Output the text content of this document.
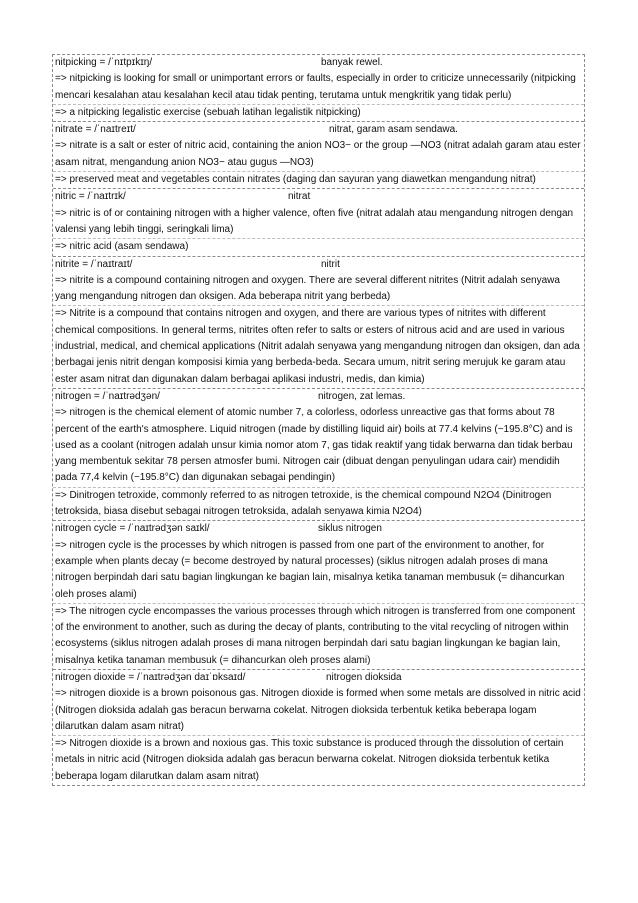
nitpicking = /ˈnɪtpɪkɪŋ/	banyak rewel.
=> nitpicking is looking for small or unimportant errors or faults, especially in order to criticize unnecessarily (nitpicking mencari kesalahan atau kesalahan kecil atau tidak penting, terutama untuk mengkritik yang tidak perlu)
=> a nitpicking legalistic exercise (sebuah latihan legalistik nitpicking)
nitrate = /ˈnaɪtreɪt/	nitrat, garam asam sendawa.
=> nitrate is a salt or ester of nitric acid, containing the anion NO3− or the group —NO3 (nitrat adalah garam atau ester asam nitrat, mengandung anion NO3− atau gugus —NO3)
=> preserved meat and vegetables contain nitrates (daging dan sayuran yang diawetkan mengandung nitrat)
nitric = /ˈnaɪtrɪk/	nitrat
=> nitric is of or containing nitrogen with a higher valence, often five (nitrat adalah atau mengandung nitrogen dengan valensi yang lebih tinggi, seringkali lima)
=> nitric acid (asam sendawa)
nitrite = /ˈnaɪtraɪt/	nitrit
=> nitrite is a compound containing nitrogen and oxygen. There are several different nitrites (Nitrit adalah senyawa yang mengandung nitrogen dan oksigen. Ada beberapa nitrit yang berbeda)
=> Nitrite is a compound that contains nitrogen and oxygen, and there are various types of nitrites with different chemical compositions. In general terms, nitrites often refer to salts or esters of nitrous acid and are used in various industrial, medical, and chemical applications (Nitrit adalah senyawa yang mengandung nitrogen dan oksigen, dan ada berbagai jenis nitrit dengan komposisi kimia yang berbeda-beda. Secara umum, nitrit sering merujuk ke garam atau ester asam nitrat dan digunakan dalam berbagai aplikasi industri, medis, dan kimia)
nitrogen = /ˈnaɪtrədʒən/	nitrogen, zat lemas.
=> nitrogen is the chemical element of atomic number 7, a colorless, odorless unreactive gas that forms about 78 percent of the earth's atmosphere. Liquid nitrogen (made by distilling liquid air) boils at 77.4 kelvins (−195.8°C) and is used as a coolant (nitrogen adalah unsur kimia nomor atom 7, gas tidak reaktif yang tidak berwarna dan tidak berbau yang membentuk sekitar 78 persen atmosfer bumi. Nitrogen cair (dibuat dengan penyulingan udara cair) mendidih pada 77,4 kelvin (−195.8°C) dan digunakan sebagai pendingin)
=> Dinitrogen tetroxide, commonly referred to as nitrogen tetroxide, is the chemical compound N2O4 (Dinitrogen tetroksida, biasa disebut sebagai nitrogen tetroksida, adalah senyawa kimia N2O4)
nitrogen cycle = /ˈnaɪtrədʒən saɪkl/	siklus nitrogen
=> nitrogen cycle is the processes by which nitrogen is passed from one part of the environment to another, for example when plants decay (= become destroyed by natural processes) (siklus nitrogen adalah proses di mana nitrogen berpindah dari satu bagian lingkungan ke bagian lain, misalnya ketika tanaman membusuk (= dihancurkan oleh proses alami)
=> The nitrogen cycle encompasses the various processes through which nitrogen is transferred from one component of the environment to another, such as during the decay of plants, contributing to the vital recycling of nitrogen within ecosystems (siklus nitrogen adalah proses di mana nitrogen berpindah dari satu bagian lingkungan ke bagian lain, misalnya ketika tanaman membusuk (= dihancurkan oleh proses alami)
nitrogen dioxide = /ˈnaɪtrədʒən daɪˈɒksaɪd/	nitrogen dioksida
=> nitrogen dioxide is a brown poisonous gas. Nitrogen dioxide is formed when some metals are dissolved in nitric acid (Nitrogen dioksida adalah gas beracun berwarna cokelat. Nitrogen dioksida terbentuk ketika beberapa logam dilarutkan dalam asam nitrat)
=> Nitrogen dioxide is a brown and noxious gas. This toxic substance is produced through the dissolution of certain metals in nitric acid (Nitrogen dioksida adalah gas beracun berwarna cokelat. Nitrogen dioksida terbentuk ketika beberapa logam dilarutkan dalam asam nitrat)
